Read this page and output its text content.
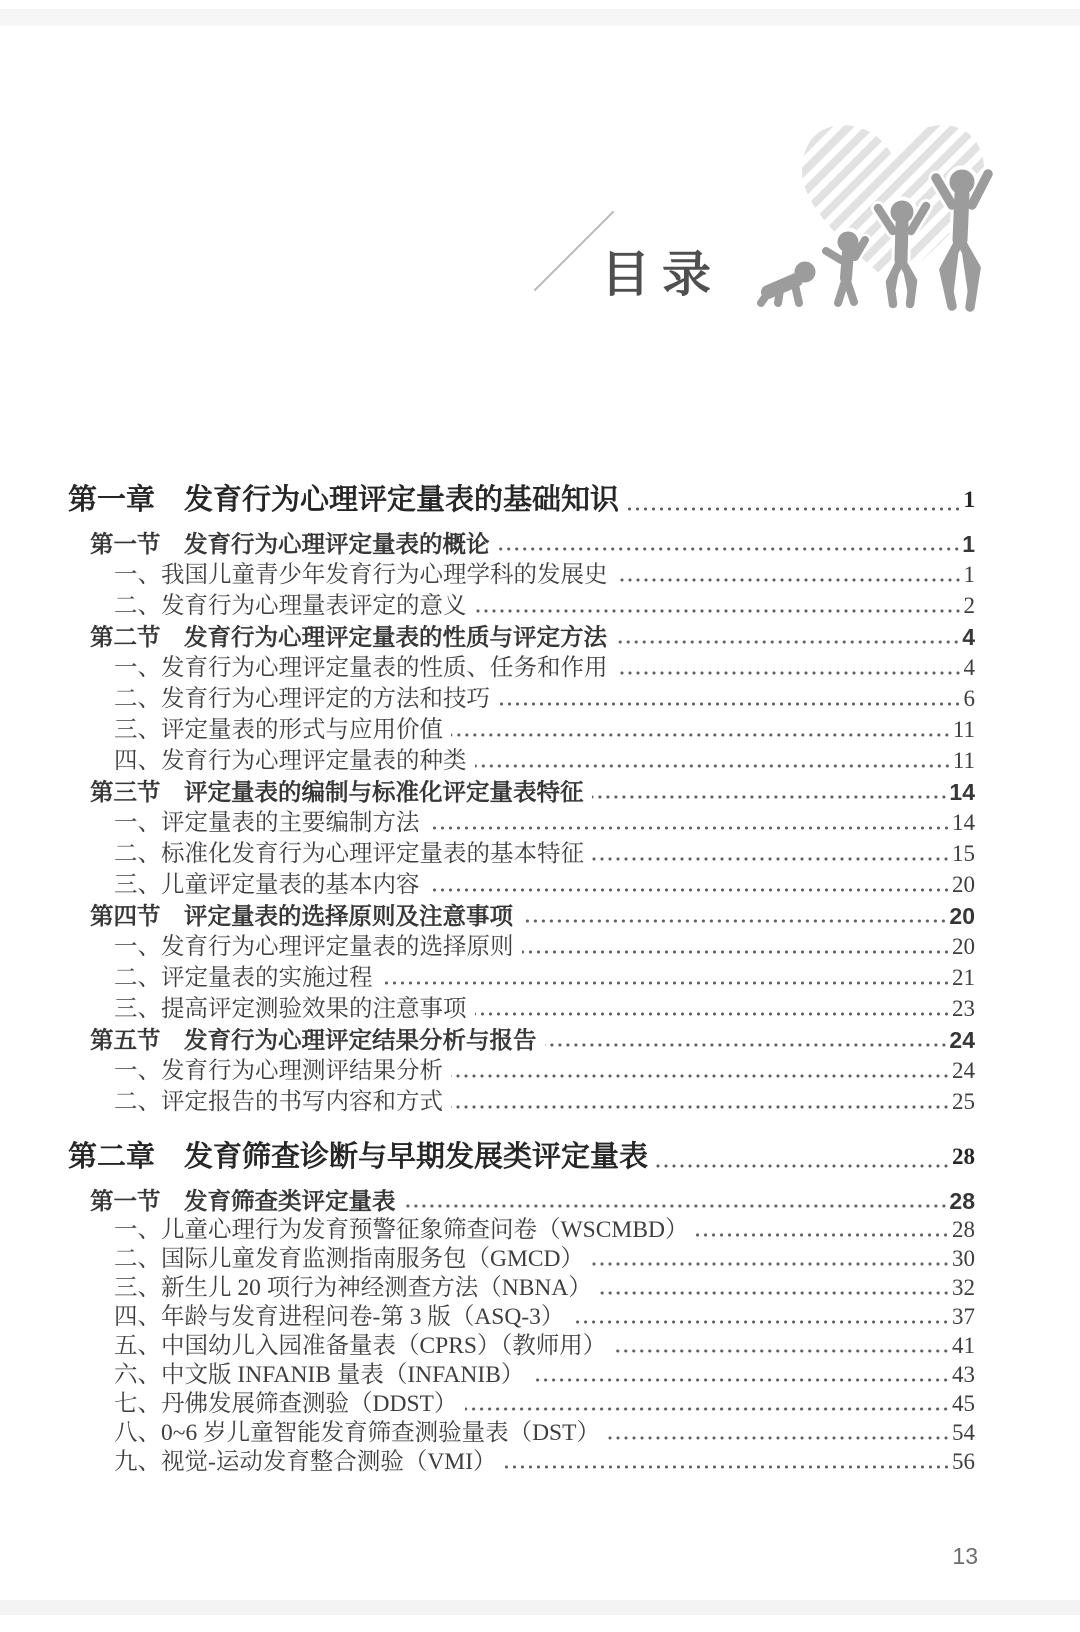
目录
第一章　发育行为心理评定量表的基础知识	1
第一节　发育行为心理评定量表的概论	1
一、我国儿童青少年发育行为心理学科的发展史	1
二、发育行为心理量表评定的意义	2
第二节　发育行为心理评定量表的性质与评定方法	4
一、发育行为心理评定量表的性质、任务和作用	4
二、发育行为心理评定的方法和技巧	6
三、评定量表的形式与应用价值	11
四、发育行为心理评定量表的种类	11
第三节　评定量表的编制与标准化评定量表特征	14
一、评定量表的主要编制方法	14
二、标准化发育行为心理评定量表的基本特征	15
三、儿童评定量表的基本内容	20
第四节　评定量表的选择原则及注意事项	20
一、发育行为心理评定量表的选择原则	20
二、评定量表的实施过程	21
三、提高评定测验效果的注意事项	23
第五节　发育行为心理评定结果分析与报告	24
一、发育行为心理测评结果分析	24
二、评定报告的书写内容和方式	25
第二章　发育筛查诊断与早期发展类评定量表	28
第一节　发育筛查类评定量表	28
一、儿童心理行为发育预警征象筛查问卷（WSCMBD）	28
二、国际儿童发育监测指南服务包（GMCD）	30
三、新生儿 20 项行为神经测查方法（NBNA）	32
四、年龄与发育进程问卷-第 3 版（ASQ-3）	37
五、中国幼儿入园准备量表（CPRS）（教师用）	41
六、中文版 INFANIB 量表（INFANIB）	43
七、丹佛发展筛查测验（DDST）	45
八、0~6 岁儿童智能发育筛查测验量表（DST）	54
九、视觉-运动发育整合测验（VMI）	56
13
